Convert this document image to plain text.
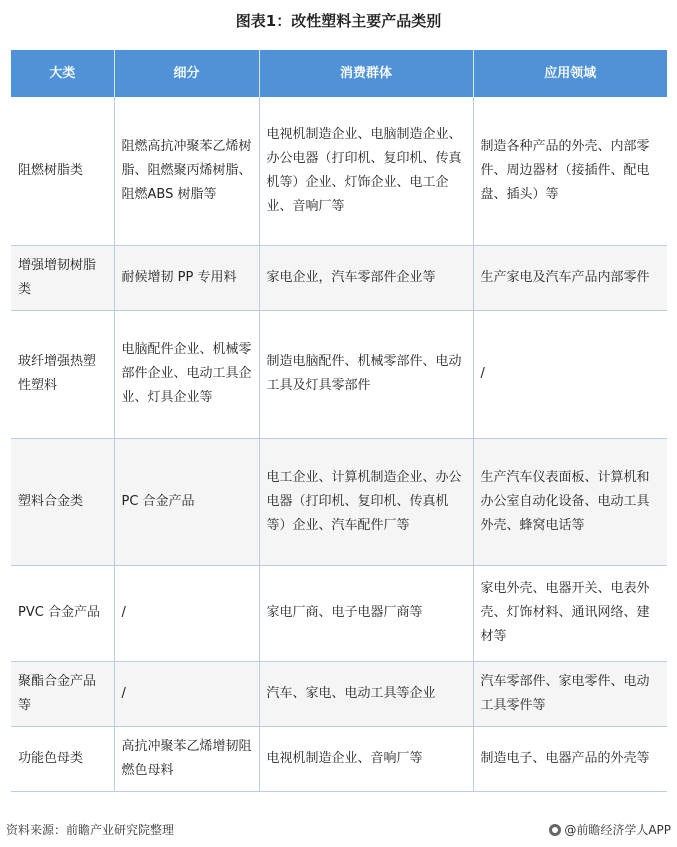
图表1：改性塑料主要产品类别
大类	细分	消费群体	应用领域
阻燃树脂类	阻燃高抗冲聚苯乙烯树脂、阻燃聚丙烯树脂、阻燃ABS 树脂等	电视机制造企业、电脑制造企业、办公电器（打印机、复印机、传真机等）企业、灯饰企业、电工企业、音响厂等	制造各种产品的外壳、内部零件、周边器材（接插件、配电盘、插头）等
增强增韧树脂类	耐候增韧 PP 专用料	家电企业，汽车零部件企业等	生产家电及汽车产品内部零件
玻纤增强热塑性塑料	电脑配件企业、机械零部件企业、电动工具企业、灯具企业等	制造电脑配件、机械零部件、电动工具及灯具零部件	/
塑料合金类	PC 合金产品	电工企业、计算机制造企业、办公电器（打印机、复印机、传真机等）企业、汽车配件厂等	生产汽车仪表面板、计算机和办公室自动化设备、电动工具外壳、蜂窝电话等
PVC 合金产品	/	家电厂商、电子电器厂商等	家电外壳、电器开关、电表外壳、灯饰材料、通讯网络、建材等
聚酯合金产品等	/	汽车、家电、电动工具等企业	汽车零部件、家电零件、电动工具零件等
功能色母类	高抗冲聚苯乙烯增韧阻燃色母料	电视机制造企业、音响厂等	制造电子、电器产品的外壳等
资料来源：前瞻产业研究院整理	@前瞻经济学人APP
